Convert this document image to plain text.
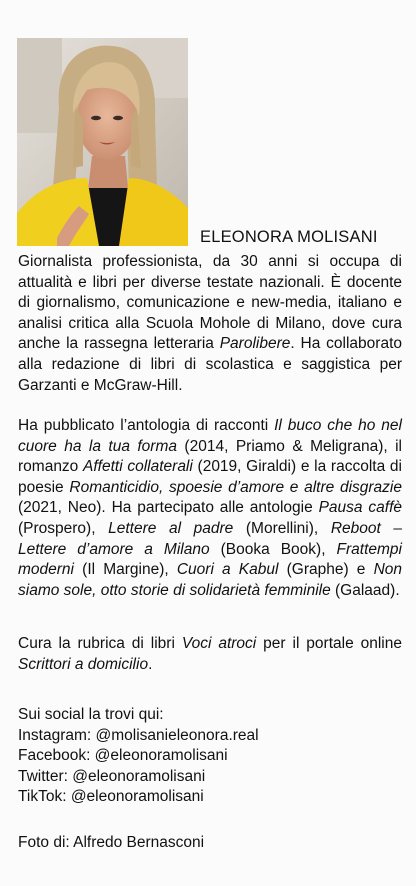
ELEONORA MOLISANI

Giornalista professionista, da 30 anni si occupa di attualità e libri per diverse testate nazionali. È docente di giornalismo, comunicazione e new-media, italiano e analisi critica alla Scuola Mohole di Milano, dove cura anche la rassegna letteraria Parolibere. Ha collaborato alla redazione di libri di scolastica e saggistica per Garzanti e McGraw-Hill.

Ha pubblicato l’antologia di racconti Il buco che ho nel cuore ha la tua forma (2014, Priamo & Meligrana), il romanzo Affetti collaterali (2019, Giraldi) e la raccolta di poesie Romanticidio, spoesie d’amore e altre disgrazie (2021, Neo). Ha partecipato alle antologie Pausa caffè (Prospero), Lettere al padre (Morellini), Reboot – Lettere d’amore a Milano (Booka Book), Frattempi moderni (Il Margine), Cuori a Kabul (Graphe) e Non siamo sole, otto storie di solidarietà femminile (Galaad).

Cura la rubrica di libri Voci atroci per il portale online Scrittori a domicilio.

Sui social la trovi qui:
Instagram: @molisanieleonora.real
Facebook: @eleonoramolisani
Twitter: @eleonoramolisani
TikTok: @eleonoramolisani
Foto di: Alfredo Bernasconi
